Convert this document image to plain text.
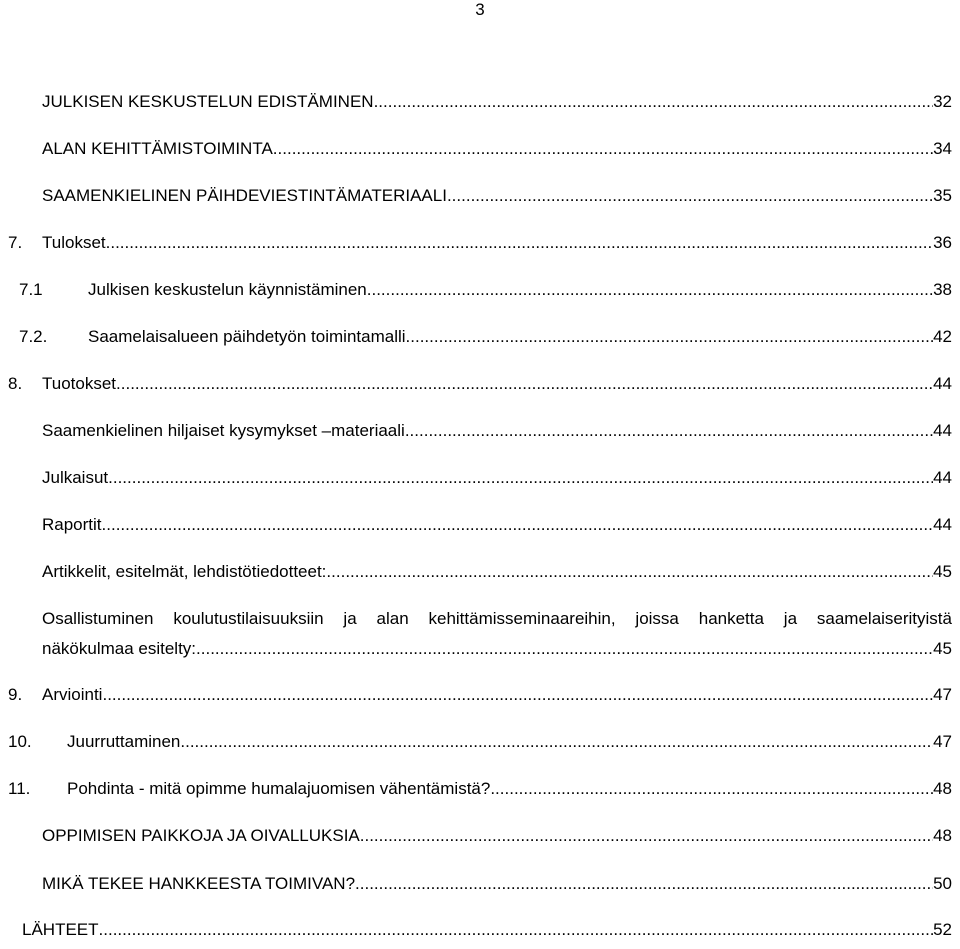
3
JULKISEN KESKUSTELUN EDISTÄMINEN .....	32
ALAN KEHITTÄMISTOIMINTA .....	34
SAAMENKIELINEN PÄIHDEVIESTINTÄMATERIAALI .....	35
7.	Tulokset .....	36
7.1	Julkisen keskustelun käynnistäminen .....	38
7.2.	Saamelaisalueen päihdetyön toimintamalli .....	42
8.	Tuotokset .....	44
Saamenkielinen hiljaiset kysymykset –materiaali .....	44
Julkaisut .....	44
Raportit .....	44
Artikkelit, esitelmät, lehdistötiedotteet: .....	45
Osallistuminen koulutustilaisuuksiin ja alan kehittämisseminaareihin, joissa hanketta ja saamelaiserityistä
näkökulmaa esitelty: .....	45
9.	Arviointi .....	47
10.	Juurruttaminen .....	47
11.	Pohdinta - mitä opimme humalajuomisen vähentämistä? .....	48
OPPIMISEN PAIKKOJA JA OIVALLUKSIA .....	48
MIKÄ TEKEE HANKKEESTA TOIMIVAN? .....	50
LÄHTEET .....	52
